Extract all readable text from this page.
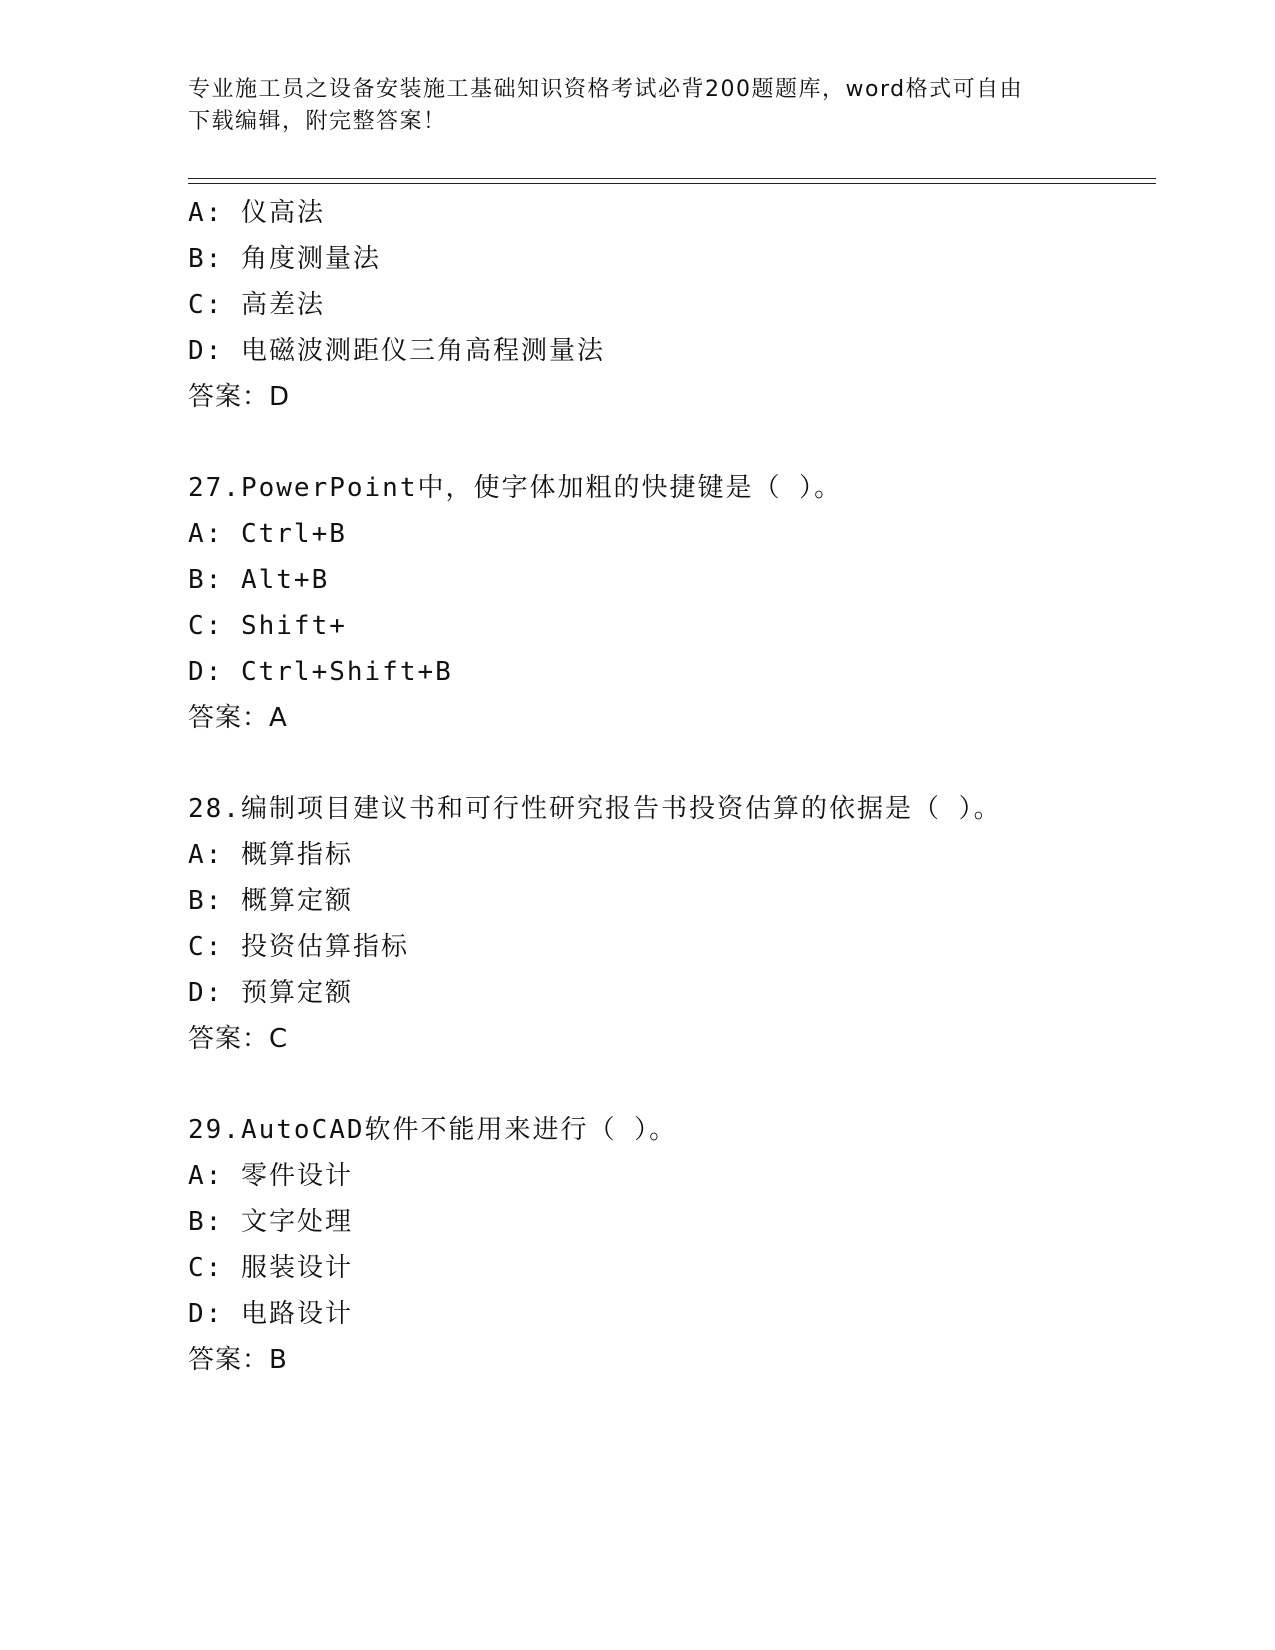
专业施工员之设备安装施工基础知识资格考试必背200题题库，word格式可自由
下载编辑，附完整答案！
A: 仪高法
B: 角度测量法
C: 高差法
D: 电磁波测距仪三角高程测量法
答案：D
27.PowerPoint中，使字体加粗的快捷键是（ ）。
A: Ctrl+B
B: Alt+B
C: Shift+
D: Ctrl+Shift+B
答案：A
28.编制项目建议书和可行性研究报告书投资估算的依据是（ ）。
A: 概算指标
B: 概算定额
C: 投资估算指标
D: 预算定额
答案：C
29.AutoCAD软件不能用来进行（ ）。
A: 零件设计
B: 文字处理
C: 服装设计
D: 电路设计
答案：B
